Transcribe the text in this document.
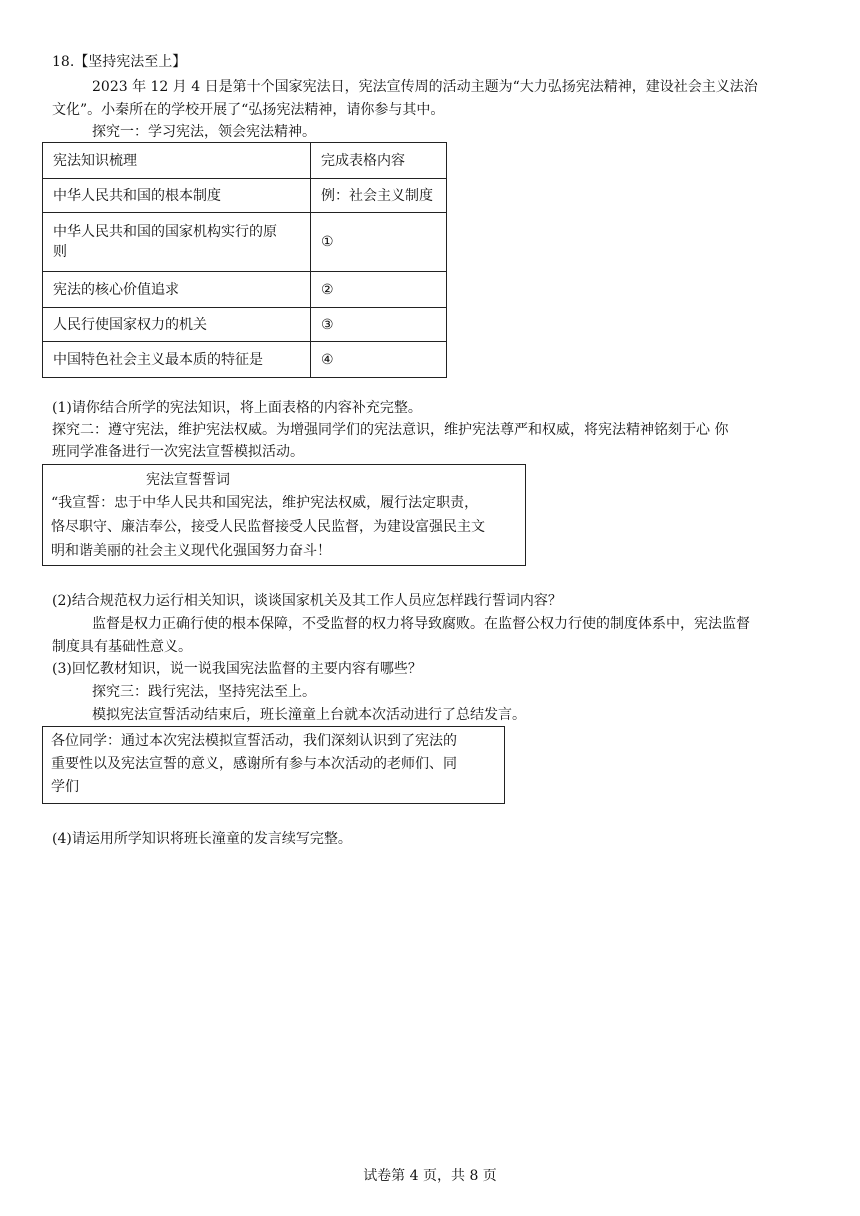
18.【坚持宪法至上】
2023 年 12 月 4 日是第十个国家宪法日，宪法宣传周的活动主题为“大力弘扬宪法精神，建设社会主义法治
文化”。小秦所在的学校开展了“弘扬宪法精神，请你参与其中。
探究一：学习宪法，领会宪法精神。
宪法知识梳理	完成表格内容
中华人民共和国的根本制度	例：社会主义制度

中华人民共和国的国家机构实行的原
则	①
宪法的核心价值追求	②
人民行使国家权力的机关	③
中国特色社会主义最本质的特征是	④
(1)请你结合所学的宪法知识，将上面表格的内容补充完整。
探究二：遵守宪法，维护宪法权威。为增强同学们的宪法意识，维护宪法尊严和权威，将宪法精神铭刻于心 你
班同学准备进行一次宪法宣誓模拟活动。
宪法宣誓誓词
“我宣誓：忠于中华人民共和国宪法，维护宪法权威，履行法定职责，
恪尽职守、廉洁奉公，接受人民监督接受人民监督，为建设富强民主文
明和谐美丽的社会主义现代化强国努力奋斗！
(2)结合规范权力运行相关知识，谈谈国家机关及其工作人员应怎样践行誓词内容？
监督是权力正确行使的根本保障，不受监督的权力将导致腐败。在监督公权力行使的制度体系中，宪法监督
制度具有基础性意义。
(3)回忆教材知识，说一说我国宪法监督的主要内容有哪些？
探究三：践行宪法，坚持宪法至上。
模拟宪法宣誓活动结束后，班长潼童上台就本次活动进行了总结发言。
各位同学：通过本次宪法模拟宣誓活动，我们深刻认识到了宪法的
重要性以及宪法宣誓的意义，感谢所有参与本次活动的老师们、同
学们
(4)请运用所学知识将班长潼童的发言续写完整。
试卷第 4 页，共 8 页
